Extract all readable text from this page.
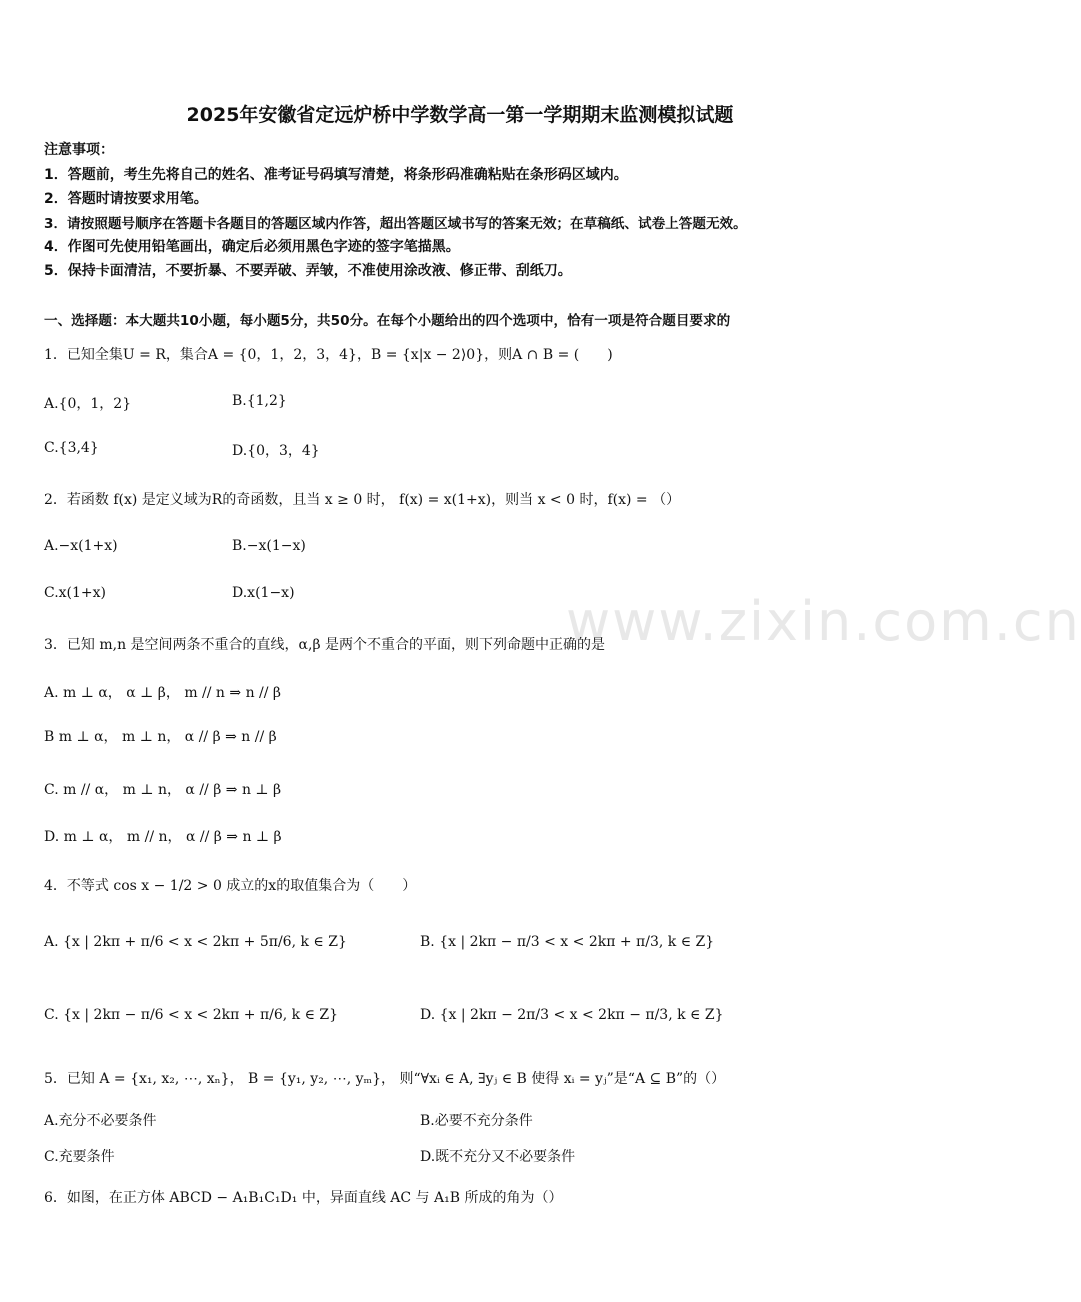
www.zixin.com.cn
2025年安徽省定远炉桥中学数学高一第一学期期末监测模拟试题
注意事项：
1．答题前，考生先将自己的姓名、准考证号码填写清楚，将条形码准确粘贴在条形码区域内。
2．答题时请按要求用笔。
3．请按照题号顺序在答题卡各题目的答题区域内作答，超出答题区域书写的答案无效；在草稿纸、试卷上答题无效。
4．作图可先使用铅笔画出，确定后必须用黑色字迹的签字笔描黑。
5．保持卡面清洁，不要折暴、不要弄破、弄皱，不准使用涂改液、修正带、刮纸刀。
一、选择题：本大题共10小题，每小题5分，共50分。在每个小题给出的四个选项中，恰有一项是符合题目要求的
1．已知全集U = R，集合A = {0，1，2，3，4}，B = {x|x − 2⟩0}，则A ∩ B = (　　)
A.{0，1，2}	B.{1,2}
C.{3,4}	D.{0，3，4}
2．若函数 f(x) 是定义域为R的奇函数，且当 x ≥ 0 时， f(x) = x(1+x)，则当 x < 0 时，f(x) = （）
A.−x(1+x)	B.−x(1−x)
C.x(1+x)	D.x(1−x)
3．已知 m,n 是空间两条不重合的直线，α,β 是两个不重合的平面，则下列命题中正确的是
A. m ⊥ α， α ⊥ β， m // n ⇒ n // β
B m ⊥ α， m ⊥ n， α // β ⇒ n // β
C. m // α， m ⊥ n， α // β ⇒ n ⊥ β
D. m ⊥ α， m // n， α // β ⇒ n ⊥ β
4．不等式 cos x − 1/2 > 0 成立的x的取值集合为（　　）
A. {x | 2kπ + π/6 < x < 2kπ + 5π/6, k ∈ Z}	B. {x | 2kπ − π/3 < x < 2kπ + π/3, k ∈ Z}
C. {x | 2kπ − π/6 < x < 2kπ + π/6, k ∈ Z}	D. {x | 2kπ − 2π/3 < x < 2kπ − π/3, k ∈ Z}
5．已知 A = {x₁, x₂, ⋯, xₙ}， B = {y₁, y₂, ⋯, yₘ}， 则“∀xᵢ ∈ A, ∃yⱼ ∈ B 使得 xᵢ = yⱼ”是“A ⊆ B”的（）
A.充分不必要条件	B.必要不充分条件
C.充要条件	D.既不充分又不必要条件
6．如图，在正方体 ABCD − A₁B₁C₁D₁ 中，异面直线 AC 与 A₁B 所成的角为（）
